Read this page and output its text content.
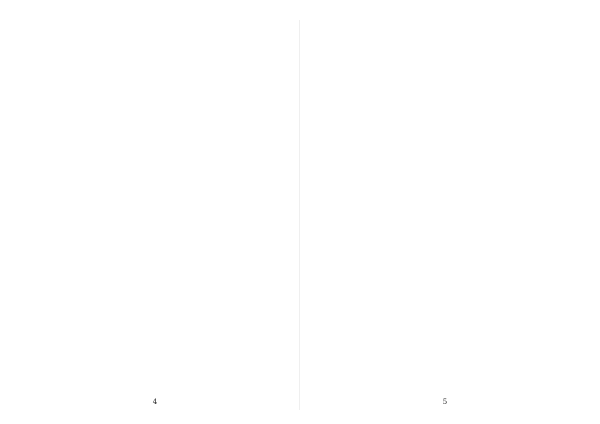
4	5
